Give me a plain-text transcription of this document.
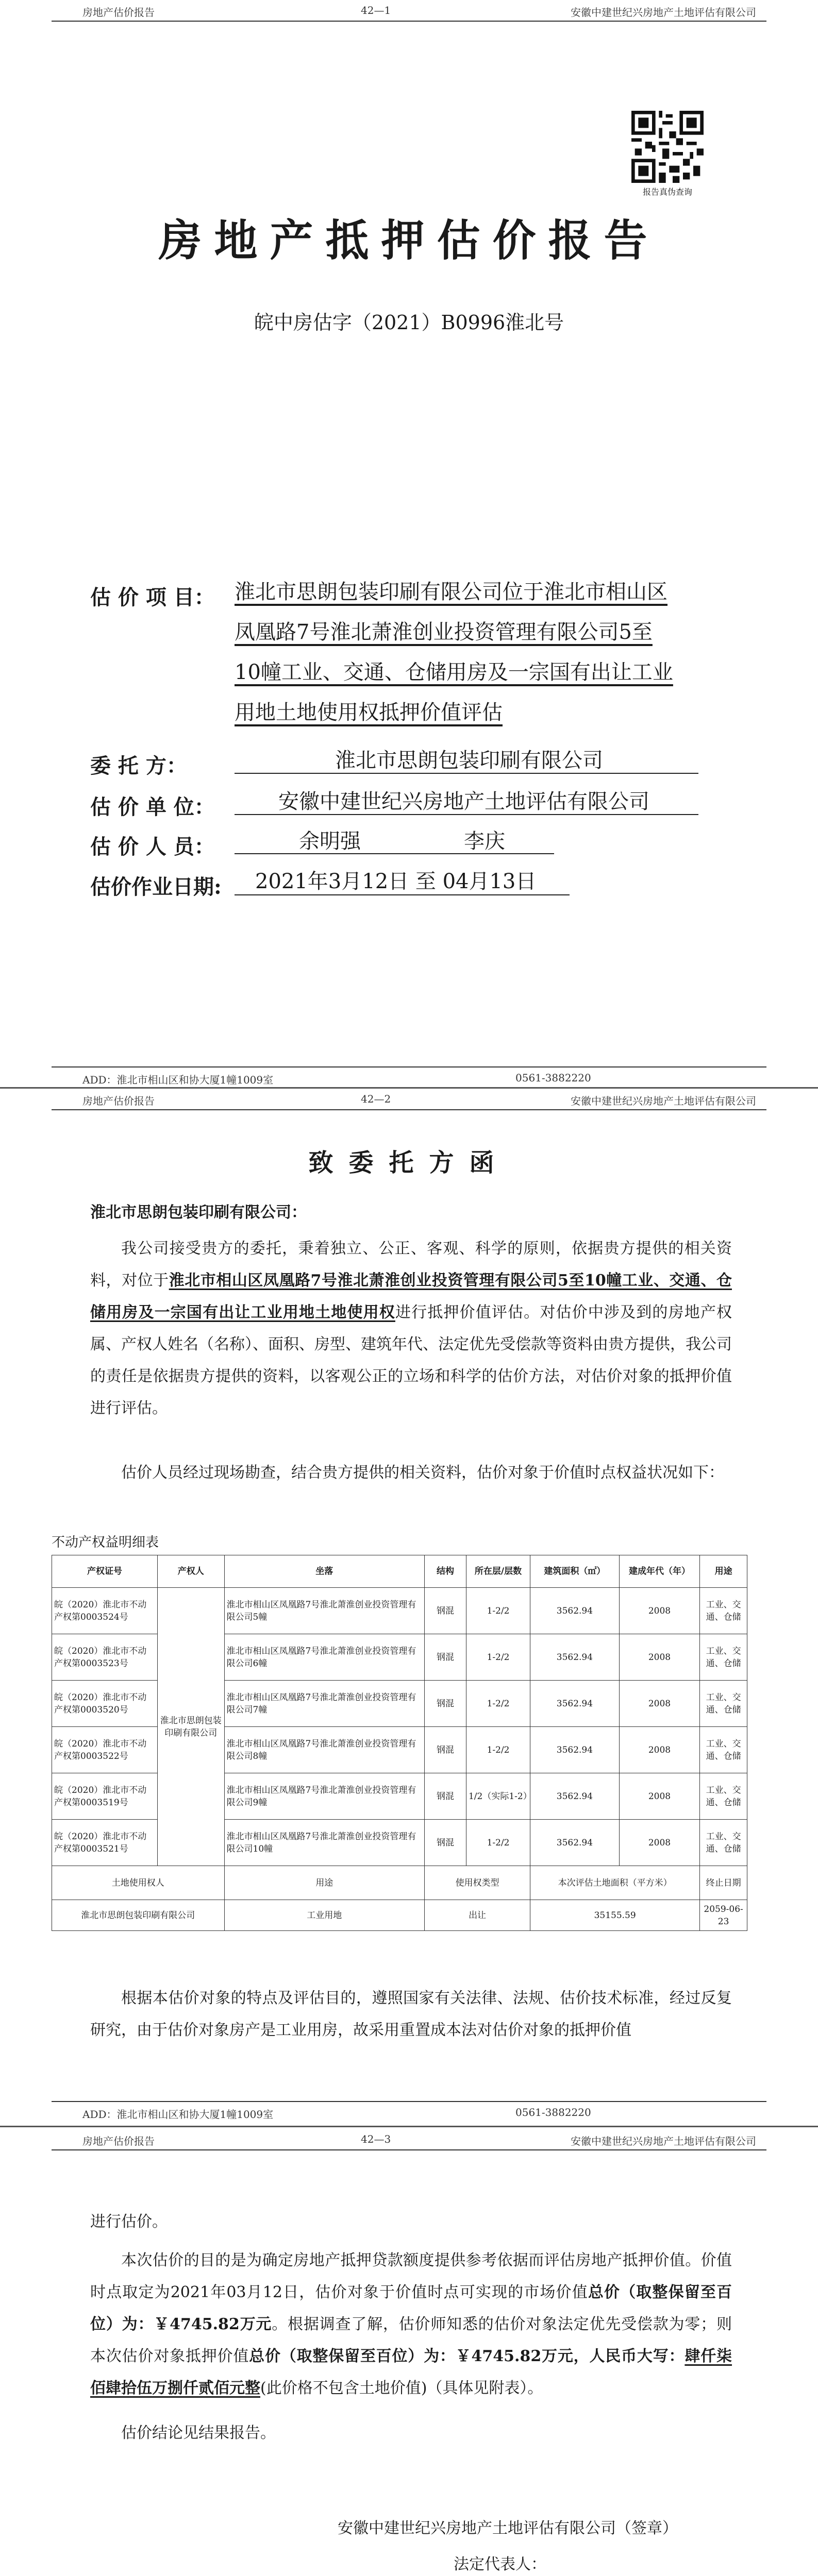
房地产估价报告	42—1	安徽中建世纪兴房地产土地评估有限公司
报告真伪查询
房地产抵押估价报告
皖中房估字（2021）B0996淮北号
估 价 项 目： 淮北市思朗包装印刷有限公司位于淮北市相山区
凤凰路7号淮北萧淮创业投资管理有限公司5至
10幢工业、交通、仓储用房及一宗国有出让工业
用地土地使用权抵押价值评估
委 托 方：	淮北市思朗包装印刷有限公司
估 价 单 位：	安徽中建世纪兴房地产土地评估有限公司
估 价 人 员：	余明强	李庆
估价作业日期: 2021年3月12日 至 04月13日
ADD：淮北市相山区和协大厦1幢1009室	0561-3882220
房地产估价报告	42—2	安徽中建世纪兴房地产土地评估有限公司
致委托方函
淮北市思朗包装印刷有限公司：
我公司接受贵方的委托，秉着独立、公正、客观、科学的原则，依据贵方提供的相关资料，对位于淮北市相山区凤凰路7号淮北萧淮创业投资管理有限公司5至10幢工业、交通、仓储用房及一宗国有出让工业用地土地使用权进行抵押价值评估。对估价中涉及到的房地产权属、产权人姓名（名称）、面积、房型、建筑年代、法定优先受偿款等资料由贵方提供，我公司的责任是依据贵方提供的资料，以客观公正的立场和科学的估价方法，对估价对象的抵押价值进行评估。
估价人员经过现场勘查，结合贵方提供的相关资料，估价对象于价值时点权益状况如下：
不动产权益明细表
产权证号	产权人	坐落	结构	所在层/层数	建筑面积（㎡）	建成年代（年）	用途
皖（2020）淮北市不动产权第0003524号	淮北市思朗包装印刷有限公司	淮北市相山区凤凰路7号淮北萧淮创业投资管理有限公司5幢	钢混	1-2/2	3562.94	2008	工业、交通、仓储
皖（2020）淮北市不动产权第0003523号		淮北市相山区凤凰路7号淮北萧淮创业投资管理有限公司6幢	钢混	1-2/2	3562.94	2008	工业、交通、仓储
皖（2020）淮北市不动产权第0003520号		淮北市相山区凤凰路7号淮北萧淮创业投资管理有限公司7幢	钢混	1-2/2	3562.94	2008	工业、交通、仓储
皖（2020）淮北市不动产权第0003522号		淮北市相山区凤凰路7号淮北萧淮创业投资管理有限公司8幢	钢混	1-2/2	3562.94	2008	工业、交通、仓储
皖（2020）淮北市不动产权第0003519号		淮北市相山区凤凰路7号淮北萧淮创业投资管理有限公司9幢	钢混	1/2（实际1-2）	3562.94	2008	工业、交通、仓储
皖（2020）淮北市不动产权第0003521号		淮北市相山区凤凰路7号淮北萧淮创业投资管理有限公司10幢	钢混	1-2/2	3562.94	2008	工业、交通、仓储
土地使用权人		用途	使用权类型		本次评估土地面积（平方米）		终止日期
淮北市思朗包装印刷有限公司		工业用地	出让		35155.59		2059-06-23
根据本估价对象的特点及评估目的，遵照国家有关法律、法规、估价技术标准，经过反复研究，由于估价对象房产是工业用房，故采用重置成本法对估价对象的抵押价值
ADD：淮北市相山区和协大厦1幢1009室	0561-3882220
房地产估价报告	42—3	安徽中建世纪兴房地产土地评估有限公司
进行估价。
本次估价的目的是为确定房地产抵押贷款额度提供参考依据而评估房地产抵押价值。价值时点取定为2021年03月12日，估价对象于价值时点可实现的市场价值总价（取整保留至百位）为：￥4745.82万元。根据调查了解，估价师知悉的估价对象法定优先受偿款为零；则本次估价对象抵押价值总价（取整保留至百位）为：￥4745.82万元，人民币大写：肆仟柒佰肆拾伍万捌仟贰佰元整(此价格不包含土地价值)（具体见附表）。
估价结论见结果报告。
安徽中建世纪兴房地产土地评估有限公司（签章）
法定代表人：
